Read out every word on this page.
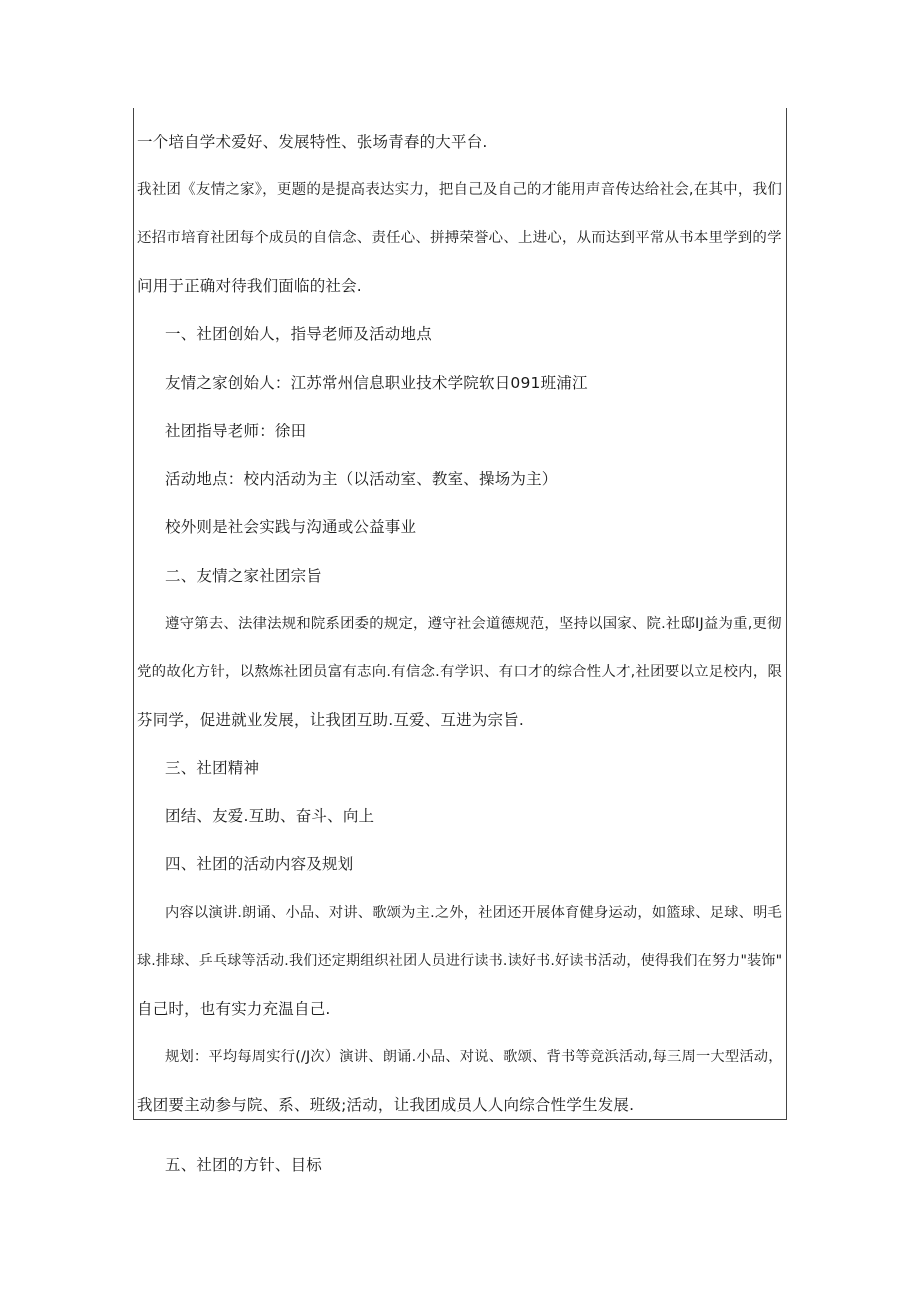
一个培自学术爱好、发展特性、张场青春的大平台.

我社团《友情之家》，更题的是提高表达实力，把自己及自己的才能用声音传达给社会,在其中，我们

还招市培育社团每个成员的自信念、责任心、拼搏荣誉心、上进心，从而达到平常从书本里学到的学

问用于正确对待我们面临的社会.

一、社团创始人，指导老师及活动地点

友情之家创始人：江苏常州信息职业技术学院软日091班浦江

社团指导老师：徐田

活动地点：校内活动为主（以活动室、教室、操场为主）

校外则是社会实践与沟通或公益事业

二、友情之家社团宗旨

遵守第去、法律法规和院系团委的规定，遵守社会道德规范，坚持以国家、院.社邸IJ益为重,更彻

党的故化方针，以熬炼社团员富有志向.有信念.有学识、有口才的综合性人才,社团要以立足校内，限

芬同学，促进就业发展，让我团互助.互爱、互进为宗旨.

三、社团精神

团结、友爱.互助、奋斗、向上

四、社团的活动内容及规划

内容以演讲.朗诵、小品、对讲、歌颂为主.之外，社团还开展体育健身运动，如篮球、足球、明毛

球.排球、乒乓球等活动.我们还定期组织社团人员进行读书.读好书.好读书活动，使得我们在努力"装饰"

自己时，也有实力充温自己.

规划：平均每周实行(/J次）演讲、朗诵.小品、对说、歌颂、背书等竞浜活动,每三周一大型活动，

我团要主动参与院、系、班级;活动，让我团成员人人向综合性学生发展.

五、社团的方针、目标
